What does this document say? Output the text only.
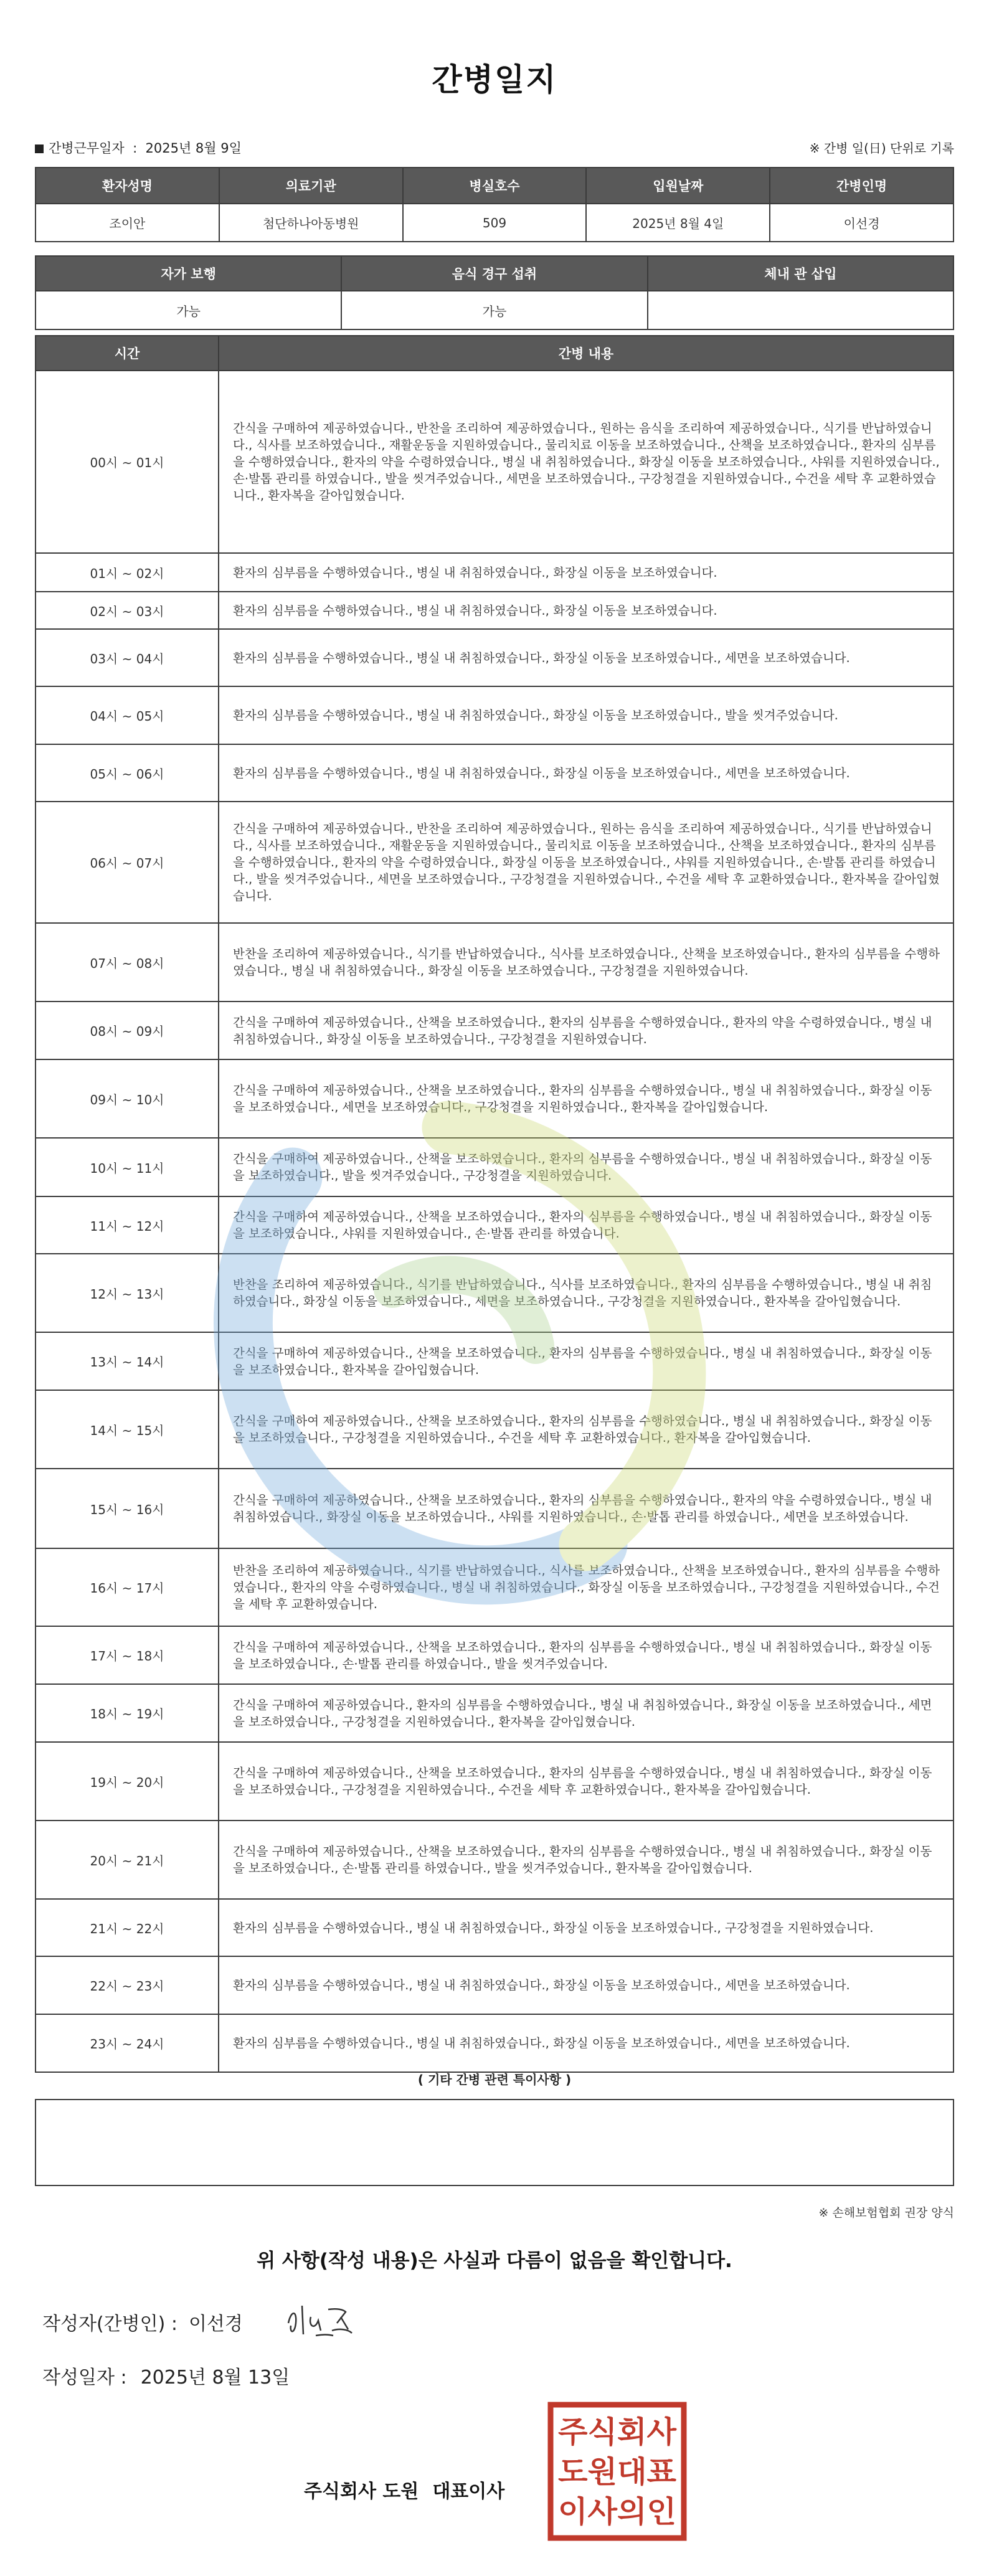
간병일지
간병근무일자 : 2025년 8월 9일	※ 간병 일(日) 단위로 기록
환자성명	의료기관	병실호수	입원날짜	간병인명
조이안	첨단하나아동병원	509	2025년 8월 4일	이선경
자가 보행	음식 경구 섭취	체내 관 삽입
가능	가능	
시간	간병 내용
00시 ~ 01시	간식을 구매하여 제공하였습니다., 반찬을 조리하여 제공하였습니다., 원하는 음식을 조리하여 제공하였습니다., 식기를 반납하였습니다., 식사를 보조하였습니다., 재활운동을 지원하였습니다., 물리치료 이동을 보조하였습니다., 산책을 보조하였습니다., 환자의 심부름을 수행하였습니다., 환자의 약을 수령하였습니다., 병실 내 취침하였습니다., 화장실 이동을 보조하였습니다., 샤워를 지원하였습니다., 손·발톱 관리를 하였습니다., 발을 씻겨주었습니다., 세면을 보조하였습니다., 구강청결을 지원하였습니다., 수건을 세탁 후 교환하였습니다., 환자복을 갈아입혔습니다.
01시 ~ 02시	환자의 심부름을 수행하였습니다., 병실 내 취침하였습니다., 화장실 이동을 보조하였습니다.
02시 ~ 03시	환자의 심부름을 수행하였습니다., 병실 내 취침하였습니다., 화장실 이동을 보조하였습니다.
03시 ~ 04시	환자의 심부름을 수행하였습니다., 병실 내 취침하였습니다., 화장실 이동을 보조하였습니다., 세면을 보조하였습니다.
04시 ~ 05시	환자의 심부름을 수행하였습니다., 병실 내 취침하였습니다., 화장실 이동을 보조하였습니다., 발을 씻겨주었습니다.
05시 ~ 06시	환자의 심부름을 수행하였습니다., 병실 내 취침하였습니다., 화장실 이동을 보조하였습니다., 세면을 보조하였습니다.
06시 ~ 07시	간식을 구매하여 제공하였습니다., 반찬을 조리하여 제공하였습니다., 원하는 음식을 조리하여 제공하였습니다., 식기를 반납하였습니다., 식사를 보조하였습니다., 재활운동을 지원하였습니다., 물리치료 이동을 보조하였습니다., 산책을 보조하였습니다., 환자의 심부름을 수행하였습니다., 환자의 약을 수령하였습니다., 화장실 이동을 보조하였습니다., 샤워를 지원하였습니다., 손·발톱 관리를 하였습니다., 발을 씻겨주었습니다., 세면을 보조하였습니다., 구강청결을 지원하였습니다., 수건을 세탁 후 교환하였습니다., 환자복을 갈아입혔습니다.
07시 ~ 08시	반찬을 조리하여 제공하였습니다., 식기를 반납하였습니다., 식사를 보조하였습니다., 산책을 보조하였습니다., 환자의 심부름을 수행하였습니다., 병실 내 취침하였습니다., 화장실 이동을 보조하였습니다., 구강청결을 지원하였습니다.
08시 ~ 09시	간식을 구매하여 제공하였습니다., 산책을 보조하였습니다., 환자의 심부름을 수행하였습니다., 환자의 약을 수령하였습니다., 병실 내 취침하였습니다., 화장실 이동을 보조하였습니다., 구강청결을 지원하였습니다.
09시 ~ 10시	간식을 구매하여 제공하였습니다., 산책을 보조하였습니다., 환자의 심부름을 수행하였습니다., 병실 내 취침하였습니다., 화장실 이동을 보조하였습니다., 세면을 보조하였습니다., 구강청결을 지원하였습니다., 환자복을 갈아입혔습니다.
10시 ~ 11시	간식을 구매하여 제공하였습니다., 산책을 보조하였습니다., 환자의 심부름을 수행하였습니다., 병실 내 취침하였습니다., 화장실 이동을 보조하였습니다., 발을 씻겨주었습니다., 구강청결을 지원하였습니다.
11시 ~ 12시	간식을 구매하여 제공하였습니다., 산책을 보조하였습니다., 환자의 심부름을 수행하였습니다., 병실 내 취침하였습니다., 화장실 이동을 보조하였습니다., 샤워를 지원하였습니다., 손·발톱 관리를 하였습니다.
12시 ~ 13시	반찬을 조리하여 제공하였습니다., 식기를 반납하였습니다., 식사를 보조하였습니다., 환자의 심부름을 수행하였습니다., 병실 내 취침하였습니다., 화장실 이동을 보조하였습니다., 세면을 보조하였습니다., 구강청결을 지원하였습니다., 환자복을 갈아입혔습니다.
13시 ~ 14시	간식을 구매하여 제공하였습니다., 산책을 보조하였습니다., 환자의 심부름을 수행하였습니다., 병실 내 취침하였습니다., 화장실 이동을 보조하였습니다., 환자복을 갈아입혔습니다.
14시 ~ 15시	간식을 구매하여 제공하였습니다., 산책을 보조하였습니다., 환자의 심부름을 수행하였습니다., 병실 내 취침하였습니다., 화장실 이동을 보조하였습니다., 구강청결을 지원하였습니다., 수건을 세탁 후 교환하였습니다., 환자복을 갈아입혔습니다.
15시 ~ 16시	간식을 구매하여 제공하였습니다., 산책을 보조하였습니다., 환자의 심부름을 수행하였습니다., 환자의 약을 수령하였습니다., 병실 내 취침하였습니다., 화장실 이동을 보조하였습니다., 샤워를 지원하였습니다., 손·발톱 관리를 하였습니다., 세면을 보조하였습니다.
16시 ~ 17시	반찬을 조리하여 제공하였습니다., 식기를 반납하였습니다., 식사를 보조하였습니다., 산책을 보조하였습니다., 환자의 심부름을 수행하였습니다., 환자의 약을 수령하였습니다., 병실 내 취침하였습니다., 화장실 이동을 보조하였습니다., 구강청결을 지원하였습니다., 수건을 세탁 후 교환하였습니다.
17시 ~ 18시	간식을 구매하여 제공하였습니다., 산책을 보조하였습니다., 환자의 심부름을 수행하였습니다., 병실 내 취침하였습니다., 화장실 이동을 보조하였습니다., 손·발톱 관리를 하였습니다., 발을 씻겨주었습니다.
18시 ~ 19시	간식을 구매하여 제공하였습니다., 환자의 심부름을 수행하였습니다., 병실 내 취침하였습니다., 화장실 이동을 보조하였습니다., 세면을 보조하였습니다., 구강청결을 지원하였습니다., 환자복을 갈아입혔습니다.
19시 ~ 20시	간식을 구매하여 제공하였습니다., 산책을 보조하였습니다., 환자의 심부름을 수행하였습니다., 병실 내 취침하였습니다., 화장실 이동을 보조하였습니다., 구강청결을 지원하였습니다., 수건을 세탁 후 교환하였습니다., 환자복을 갈아입혔습니다.
20시 ~ 21시	간식을 구매하여 제공하였습니다., 산책을 보조하였습니다., 환자의 심부름을 수행하였습니다., 병실 내 취침하였습니다., 화장실 이동을 보조하였습니다., 손·발톱 관리를 하였습니다., 발을 씻겨주었습니다., 환자복을 갈아입혔습니다.
21시 ~ 22시	환자의 심부름을 수행하였습니다., 병실 내 취침하였습니다., 화장실 이동을 보조하였습니다., 구강청결을 지원하였습니다.
22시 ~ 23시	환자의 심부름을 수행하였습니다., 병실 내 취침하였습니다., 화장실 이동을 보조하였습니다., 세면을 보조하였습니다.
23시 ~ 24시	환자의 심부름을 수행하였습니다., 병실 내 취침하였습니다., 화장실 이동을 보조하였습니다., 세면을 보조하였습니다.
( 기타 간병 관련 특이사항 )
※ 손해보험협회 권장 양식
위 사항(작성 내용)은 사실과 다름이 없음을 확인합니다.
작성자(간병인) : 이선경
작성일자 : 2025년 8월 13일
주식회사 도원 대표이사
주식회사
도원대표
이사의인
